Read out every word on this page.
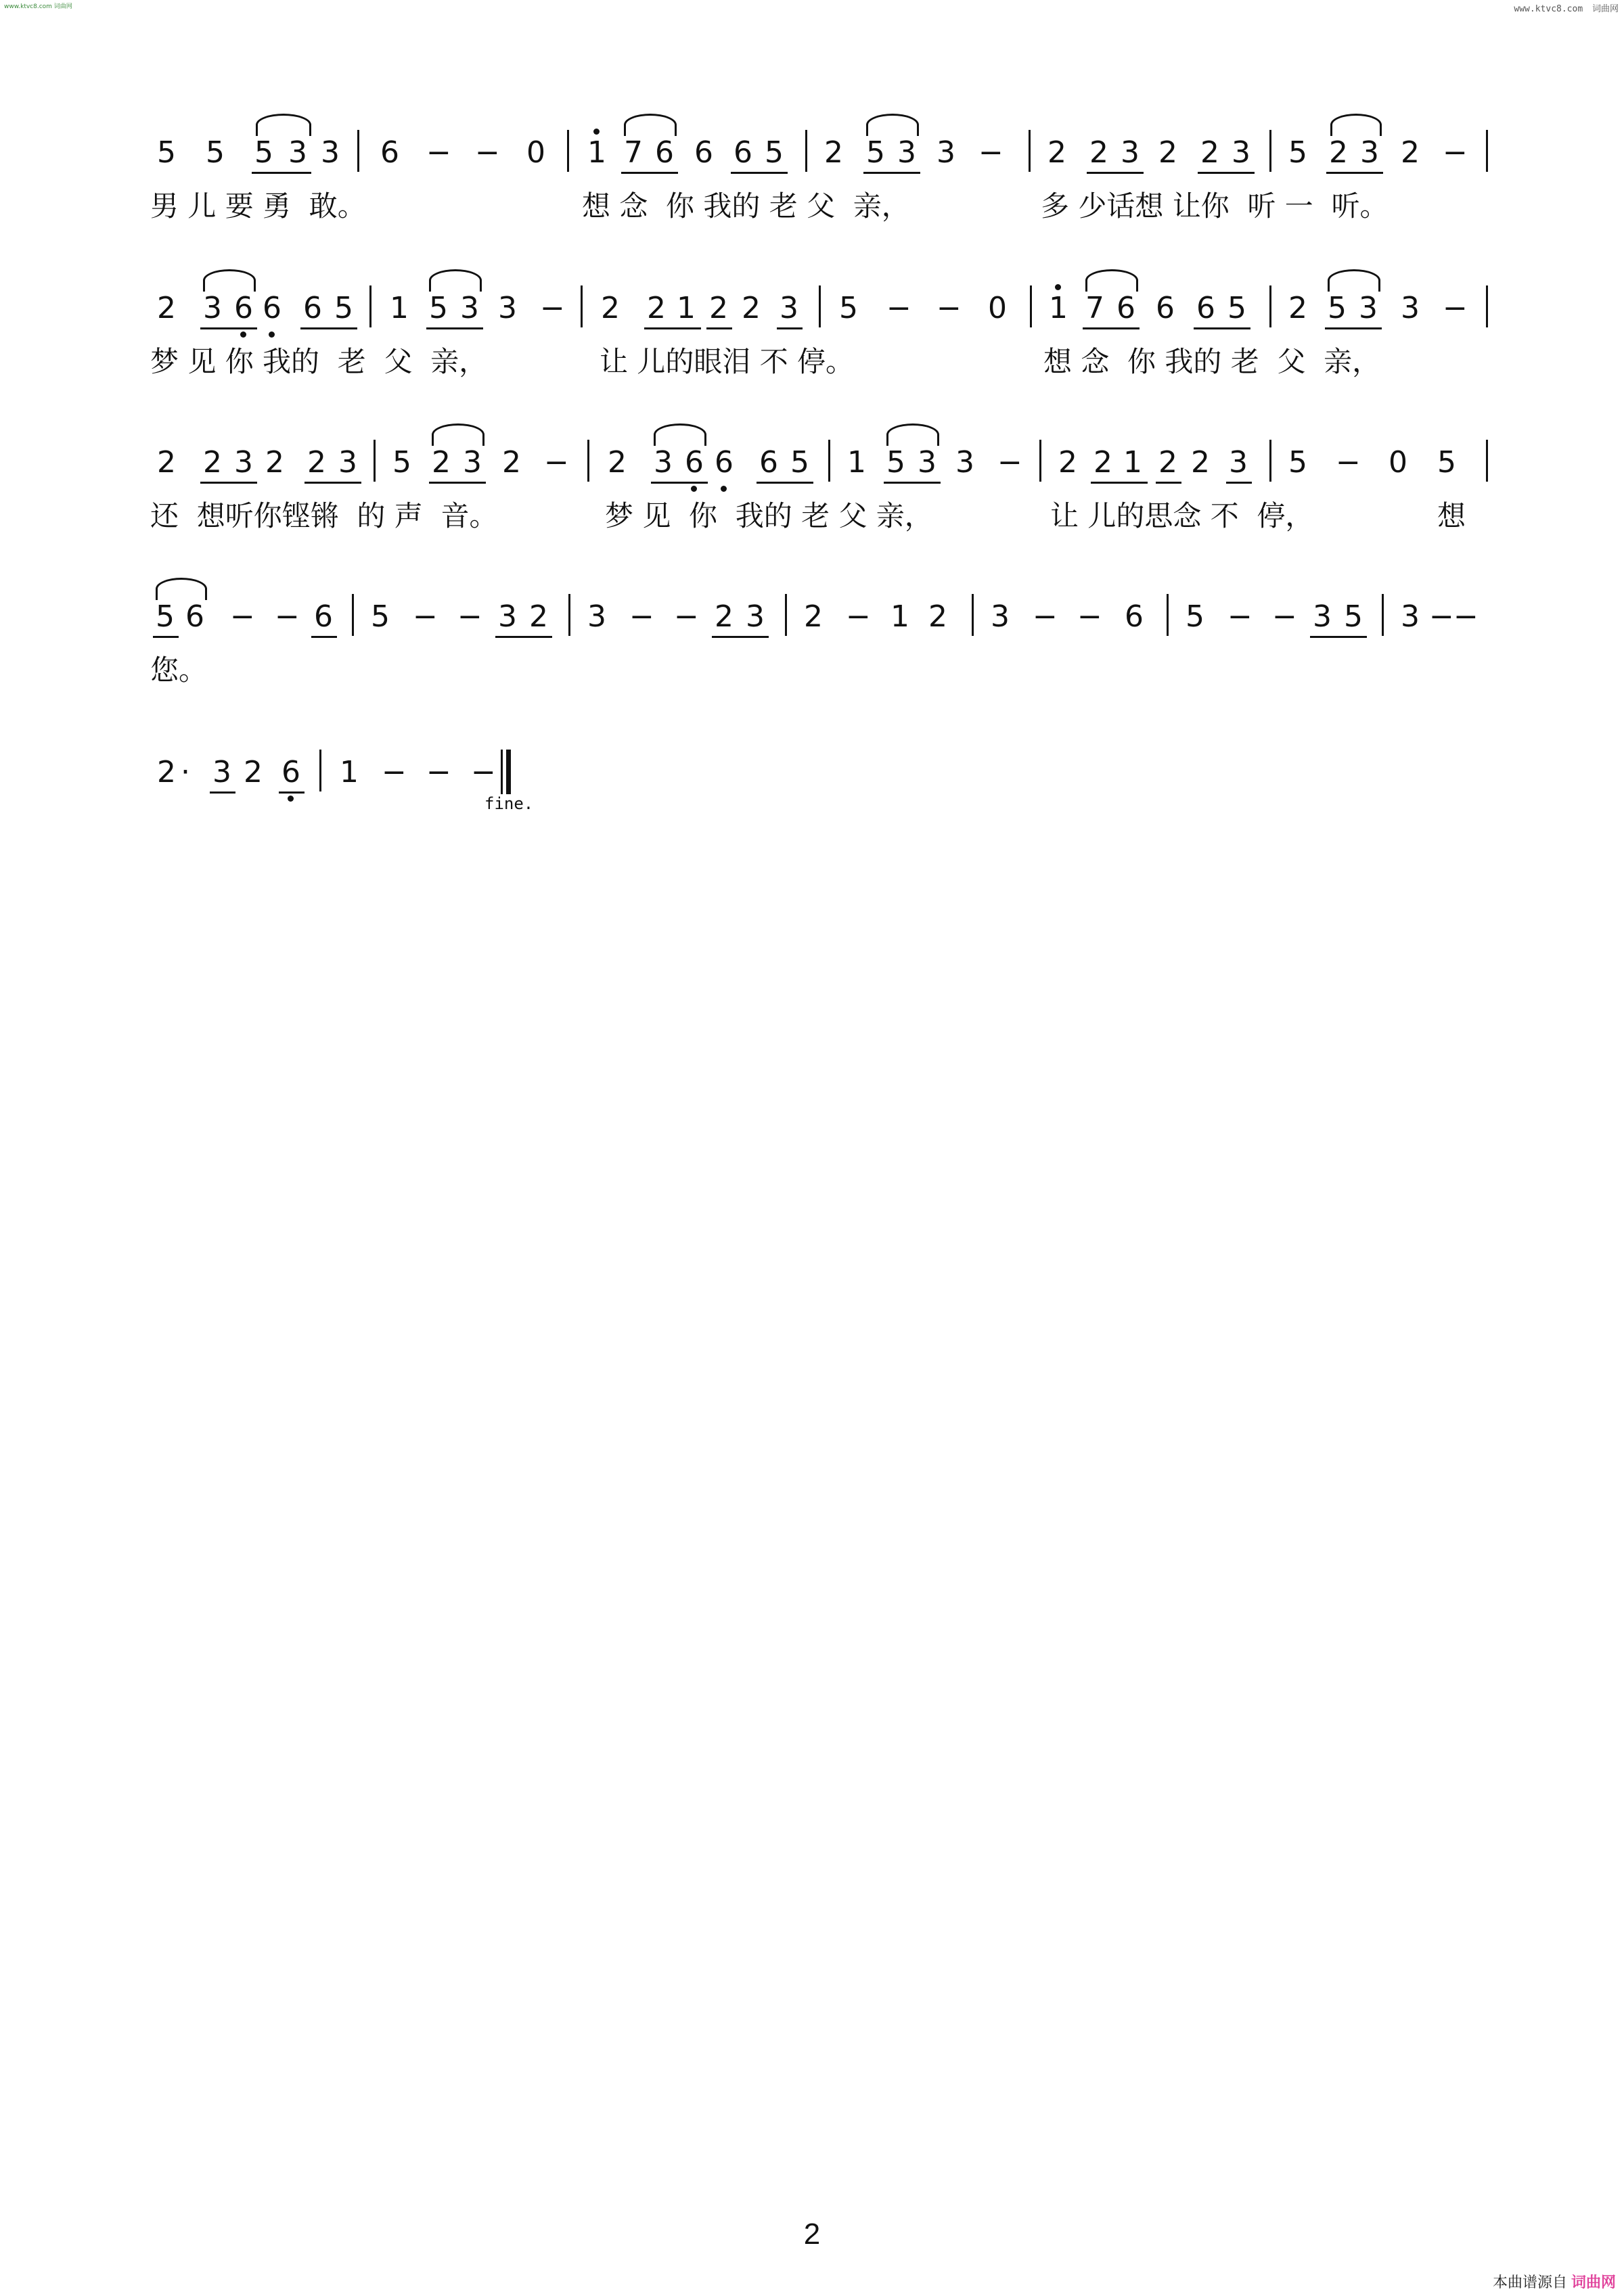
www.ktvc8.com 词曲网	www.ktvc8.com 词曲网
5 5 5 3 3 6 − − 0 1 7 6 6 6 5 2 5 3 3 − 2 2 3 2 2 3 5 2 3 2 −
男 儿 要 勇  敢。	想 念  你 我的 老 父  亲，	多 少话想 让你  听 一  听。
2 3 6 6 6 5 1 5 3 3 − 2 2 1 2 2 3 5 − − 0 1 7 6 6 6 5 2 5 3 3 −
梦 见 你 我的  老  父  亲，	让 儿的眼泪 不 停。	想 念  你 我的 老  父  亲，
2 2 3 2 2 3 5 2 3 2 − 2 3 6 6 6 5 1 5 3 3 − 2 2 1 2 2 3 5 − 0 5
还  想听你铿锵  的 声  音。	梦 见  你  我的 老 父 亲，	让 儿的思念 不  停，	想
5 6 − − 6 5 − − 3 2 3 − − 2 3 2 − 1 2 3 − − 6 5 − − 3 5 3 − −
您。
2 · 3 2 6 1 − − −
fine.
2
本曲谱源自 词曲网
